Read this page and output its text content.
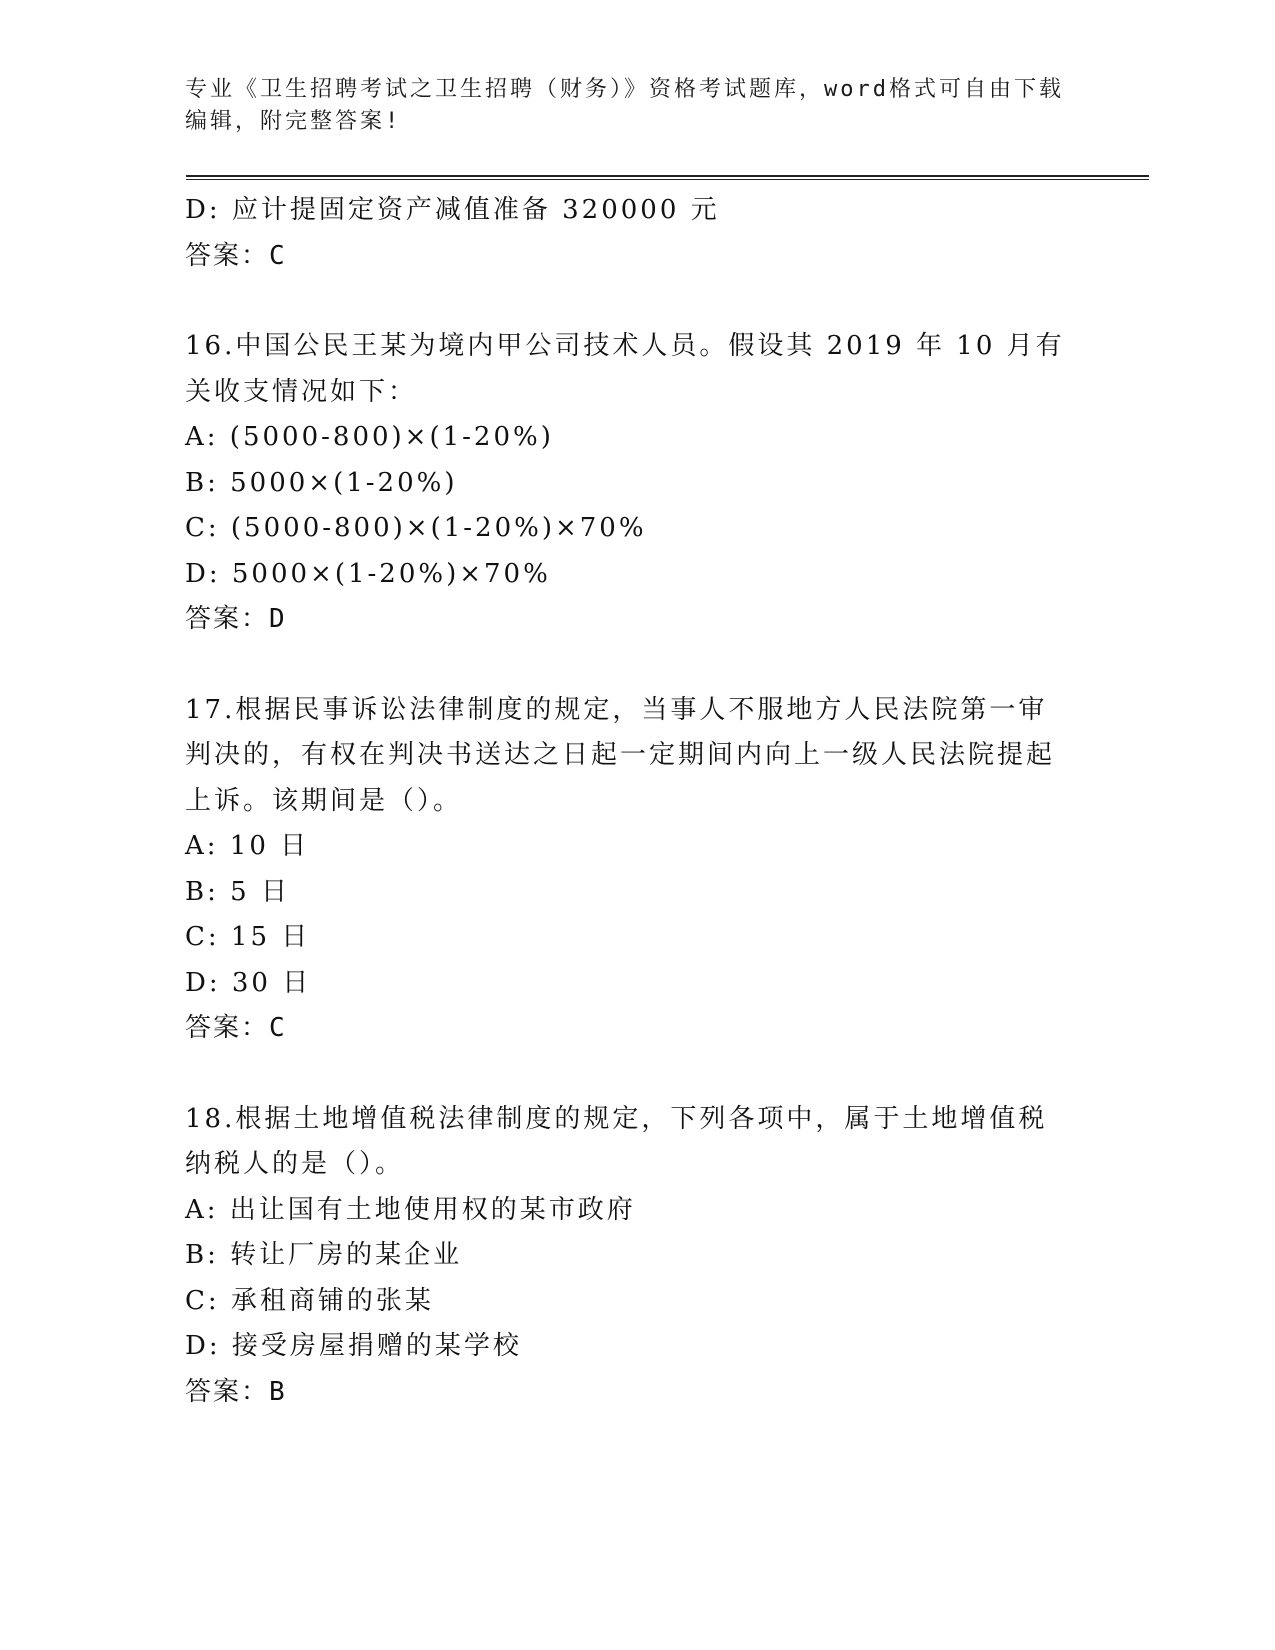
专业《卫生招聘考试之卫生招聘（财务）》资格考试题库，word格式可自由下载编辑，附完整答案!
D: 应计提固定资产减值准备 320000 元
答案：C
16.中国公民王某为境内甲公司技术人员。假设其 2019 年 10 月有关收支情况如下：
A: (5000-800)×(1-20%)
B: 5000×(1-20%)
C: (5000-800)×(1-20%)×70%
D: 5000×(1-20%)×70%
答案：D
17.根据民事诉讼法律制度的规定，当事人不服地方人民法院第一审判决的，有权在判决书送达之日起一定期间内向上一级人民法院提起上诉。该期间是（）。
A: 10 日
B: 5 日
C: 15 日
D: 30 日
答案：C
18.根据土地增值税法律制度的规定，下列各项中，属于土地增值税纳税人的是（）。
A: 出让国有土地使用权的某市政府
B: 转让厂房的某企业
C: 承租商铺的张某
D: 接受房屋捐赠的某学校
答案：B
